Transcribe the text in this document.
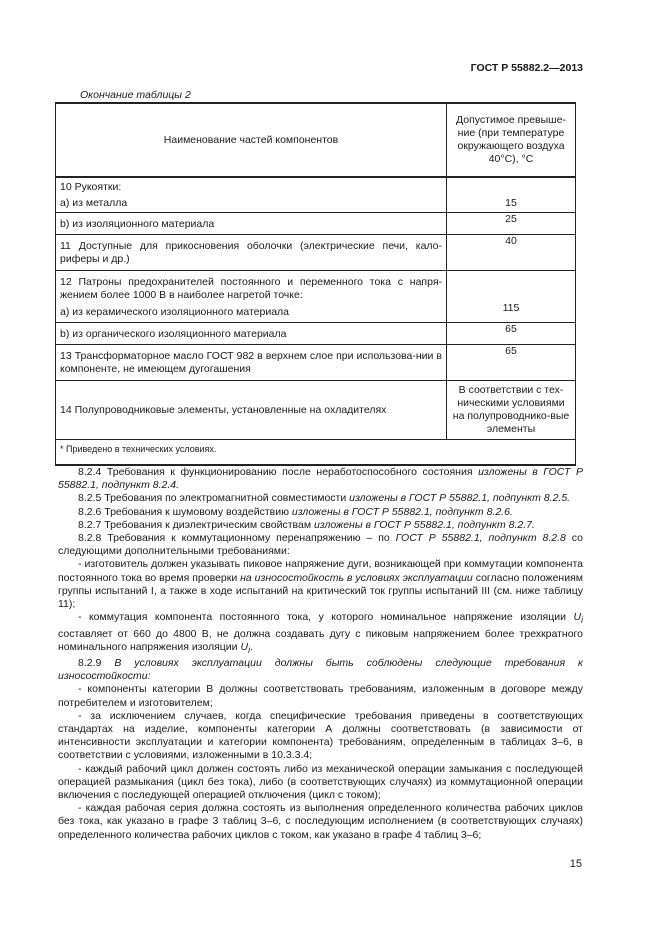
ГОСТ Р 55882.2—2013
Окончание таблицы 2
Наименование частей компонентов	Допустимое превыше-ние (при температуре окружающего воздуха 40°С), °С
10 Рукоятки:	
а) из металла	15
b) из изоляционного материала	25
11 Доступные для прикосновения оболочки (электрические печи, кало-риферы и др.)	40
12 Патроны предохранителей постоянного и переменного тока с напря-жением более 1000 В в наиболее нагретой точке:	
а) из керамического изоляционного материала	115
b) из органического изоляционного материала	65
13 Трансформаторное масло ГОСТ 982 в верхнем слое при использова-нии в компоненте, не имеющем дугогашения	65
14 Полупроводниковые элементы, установленные на охладителях	В соответствии с тех-ническими условиями на полупроводнико-вые элементы
* Приведено в технических условиях.	

8.2.4 Требования к функционированию после неработоспособного состояния изложены в ГОСТ Р 55882.1, подпункт 8.2.4.

8.2.5 Требования по электромагнитной совместимости изложены в ГОСТ Р 55882.1, подпункт 8.2.5.

8.2.6 Требования к шумовому воздействию изложены в ГОСТ Р 55882.1, подпункт 8.2.6.

8.2.7 Требования к диэлектрическим свойствам изложены в ГОСТ Р 55882.1, подпункт 8.2.7.

8.2.8 Требования к коммутационному перенапряжению – по ГОСТ Р 55882.1, подпункт 8.2.8 со следующими дополнительными требованиями:

- изготовитель должен указывать пиковое напряжение дуги, возникающей при коммутации компонента постоянного тока во время проверки на износостойкость в условиях эксплуатации согласно положениям группы испытаний I, а также в ходе испытаний на критический ток группы испытаний III (см. ниже таблицу 11);

- коммутация компонента постоянного тока, у которого номинальное напряжение изоляции $U_i$ составляет от 660 до 4800 В, не должна создавать дугу с пиковым напряжением более трехкратного номинального напряжения изоляции $U_i$.

8.2.9 В условиях эксплуатации должны быть соблюдены следующие требования к износостойкости:

- компоненты категории В должны соответствовать требованиям, изложенным в договоре между потребителем и изготовителем;

- за исключением случаев, когда специфические требования приведены в соответствующих стандартах на изделие, компоненты категории А должны соответствовать (в зависимости от интенсивности эксплуатации и категории компонента) требованиям, определенным в таблицах 3–6, в соответствии с условиями, изложенными в 10.3.3.4;

- каждый рабочий цикл должен состоять либо из механической операции замыкания с последующей операцией размыкания (цикл без тока), либо (в соответствующих случаях) из коммутационной операции включения с последующей операцией отключения (цикл с током);

- каждая рабочая серия должна состоять из выполнения определенного количества рабочих циклов без тока, как указано в графе 3 таблиц 3–6, с последующим исполнением (в соответствующих случаях) определенного количества рабочих циклов с током, как указано в графе 4 таблиц 3–6;

15
